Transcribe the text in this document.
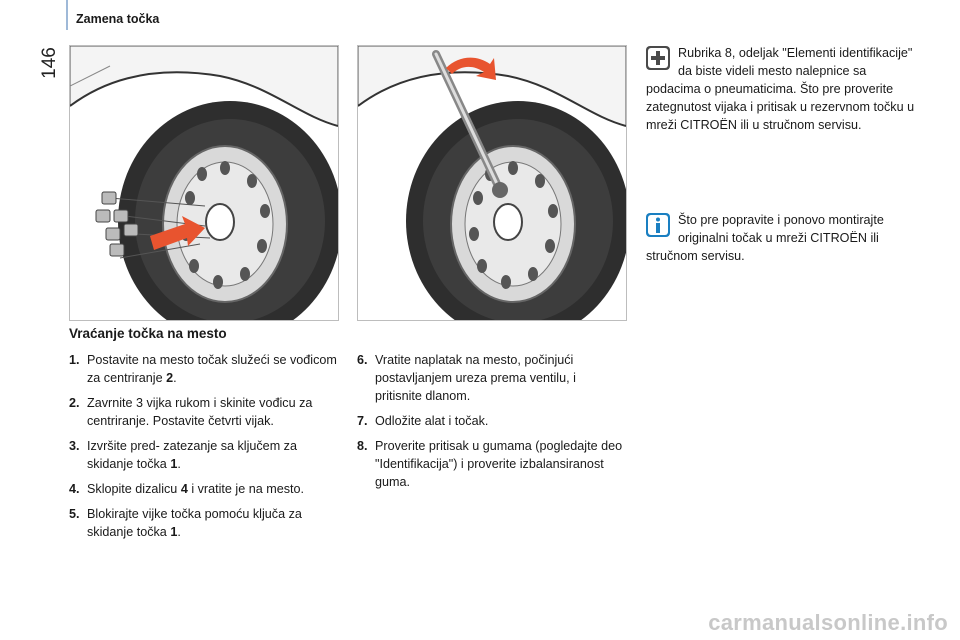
Zamena točka
146
Vraćanje točka na mesto
1. Postavite na mesto točak služeći se vođicom za centriranje 2.
2. Zavrnite 3 vijka rukom i skinite vođicu za centriranje. Postavite četvrti vijak.
3. Izvršite pred- zatezanje sa ključem za skidanje točka 1.
4. Sklopite dizalicu 4 i vratite je na mesto.
5. Blokirajte vijke točka pomoću ključa za skidanje točka 1.
6. Vratite naplatak na mesto, počinjući postavljanjem ureza prema ventilu, i pritisnite dlanom.
7. Odložite alat i točak.
8. Proverite pritisak u gumama (pogledajte deo "Identifikacija") i proverite izbalansiranost guma.
Rubrika 8, odeljak "Elementi identifikacije" da biste videli mesto nalepnice sa podacima o pneumaticima. Što pre proverite zategnutost vijaka i pritisak u rezervnom točku u mreži CITROËN ili u stručnom servisu.
Što pre popravite i ponovo montirajte originalni točak u mreži CITROËN ili stručnom servisu.
carmanualsonline.info
